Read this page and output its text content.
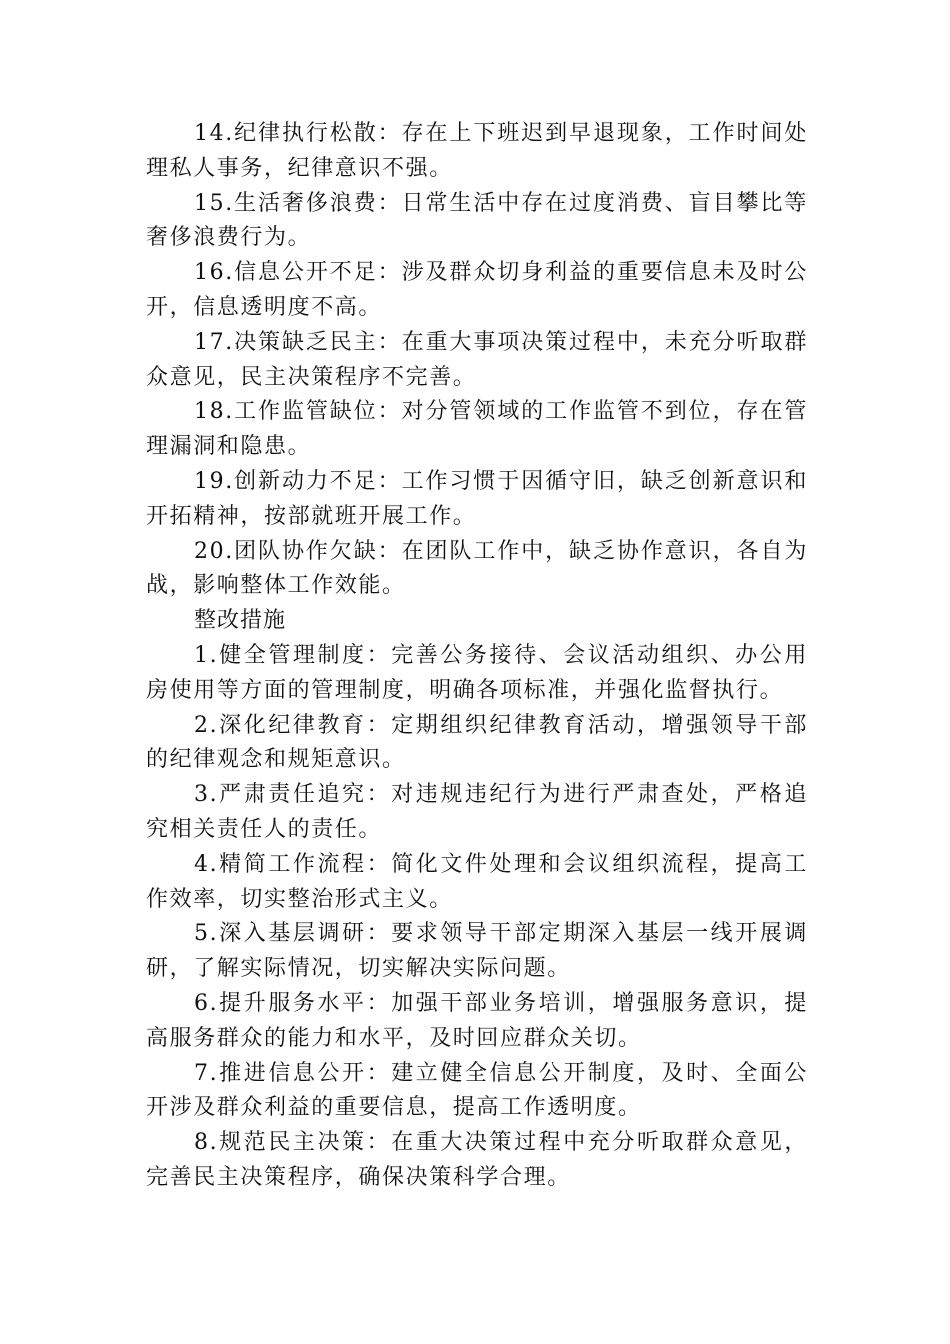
14.纪律执行松散：存在上下班迟到早退现象，工作时间处理私人事务，纪律意识不强。

15.生活奢侈浪费：日常生活中存在过度消费、盲目攀比等奢侈浪费行为。

16.信息公开不足：涉及群众切身利益的重要信息未及时公开，信息透明度不高。

17.决策缺乏民主：在重大事项决策过程中，未充分听取群众意见，民主决策程序不完善。

18.工作监管缺位：对分管领域的工作监管不到位，存在管理漏洞和隐患。

19.创新动力不足：工作习惯于因循守旧，缺乏创新意识和开拓精神，按部就班开展工作。

20.团队协作欠缺：在团队工作中，缺乏协作意识，各自为战，影响整体工作效能。

整改措施

1.健全管理制度：完善公务接待、会议活动组织、办公用房使用等方面的管理制度，明确各项标准，并强化监督执行。

2.深化纪律教育：定期组织纪律教育活动，增强领导干部的纪律观念和规矩意识。

3.严肃责任追究：对违规违纪行为进行严肃查处，严格追究相关责任人的责任。

4.精简工作流程：简化文件处理和会议组织流程，提高工作效率，切实整治形式主义。

5.深入基层调研：要求领导干部定期深入基层一线开展调研，了解实际情况，切实解决实际问题。

6.提升服务水平：加强干部业务培训，增强服务意识，提高服务群众的能力和水平，及时回应群众关切。

7.推进信息公开：建立健全信息公开制度，及时、全面公开涉及群众利益的重要信息，提高工作透明度。

8.规范民主决策：在重大决策过程中充分听取群众意见，完善民主决策程序，确保决策科学合理。
